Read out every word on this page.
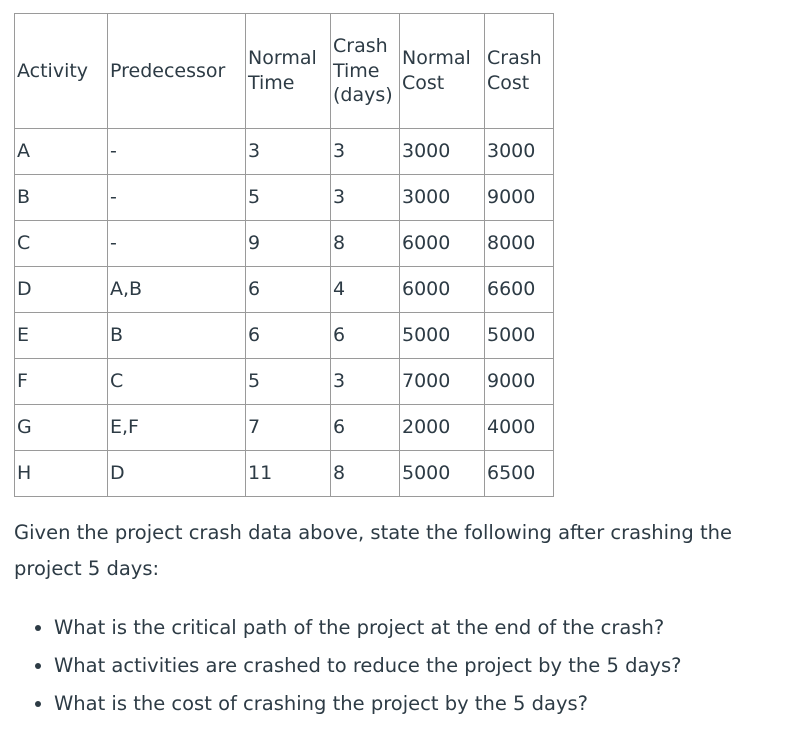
Activity	Predecessor	Normal Time	Crash Time (days)	Normal Cost	Crash Cost
A	-	3	3	3000	3000
B	-	5	3	3000	9000
C	-	9	8	6000	8000
D	A,B	6	4	6000	6600
E	B	6	6	5000	5000
F	C	5	3	7000	9000
G	E,F	7	6	2000	4000
H	D	11	8	5000	6500

Given the project crash data above, state the following after crashing the project 5 days:

• What is the critical path of the project at the end of the crash?
• What activities are crashed to reduce the project by the 5 days?
• What is the cost of crashing the project by the 5 days?
